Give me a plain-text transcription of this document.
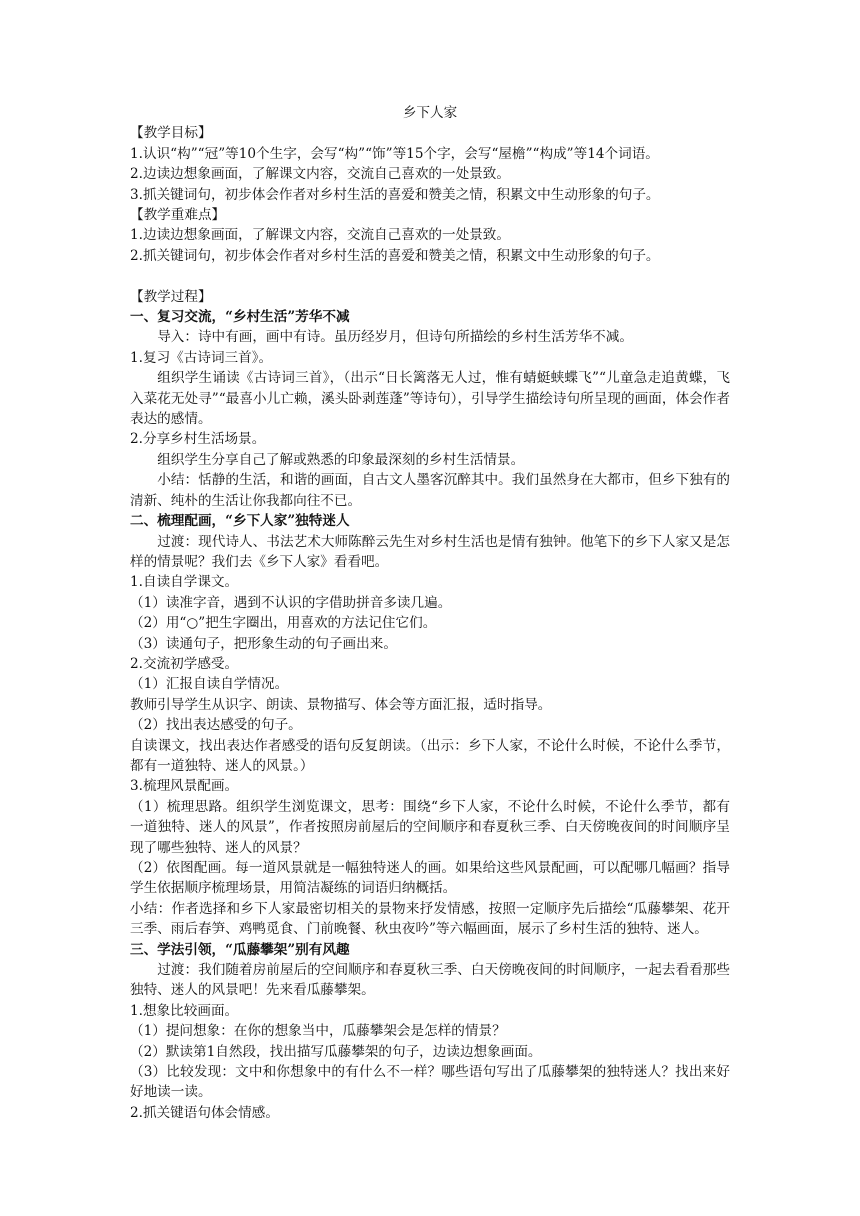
乡下人家

【教学目标】

1.认识“构”“冠”等10个生字，会写“构”“饰”等15个字，会写“屋檐”“构成”等14个词语。

2.边读边想象画面，了解课文内容，交流自己喜欢的一处景致。

3.抓关键词句，初步体会作者对乡村生活的喜爱和赞美之情，积累文中生动形象的句子。

【教学重难点】

1.边读边想象画面，了解课文内容，交流自己喜欢的一处景致。

2.抓关键词句，初步体会作者对乡村生活的喜爱和赞美之情，积累文中生动形象的句子。

【教学过程】

一、复习交流，“乡村生活”芳华不减

导入：诗中有画，画中有诗。虽历经岁月，但诗句所描绘的乡村生活芳华不减。

1.复习《古诗词三首》。

组织学生诵读《古诗词三首》，（出示“日长篱落无人过，惟有蜻蜓蛱蝶飞”“儿童急走追黄蝶，飞入菜花无处寻”“最喜小儿亡赖，溪头卧剥莲蓬”等诗句），引导学生描绘诗句所呈现的画面，体会作者表达的感情。

2.分享乡村生活场景。

组织学生分享自己了解或熟悉的印象最深刻的乡村生活情景。

小结：恬静的生活，和谐的画面，自古文人墨客沉醉其中。我们虽然身在大都市，但乡下独有的清新、纯朴的生活让你我都向往不已。

二、梳理配画，“乡下人家”独特迷人

过渡：现代诗人、书法艺术大师陈醉云先生对乡村生活也是情有独钟。他笔下的乡下人家又是怎样的情景呢？我们去《乡下人家》看看吧。

1.自读自学课文。

（1）读准字音，遇到不认识的字借助拼音多读几遍。

（2）用“○”把生字圈出，用喜欢的方法记住它们。

（3）读通句子，把形象生动的句子画出来。

2.交流初学感受。

（1）汇报自读自学情况。

教师引导学生从识字、朗读、景物描写、体会等方面汇报，适时指导。

（2）找出表达感受的句子。

自读课文，找出表达作者感受的语句反复朗读。（出示：乡下人家，不论什么时候，不论什么季节，都有一道独特、迷人的风景。）

3.梳理风景配画。

（1）梳理思路。组织学生浏览课文，思考：围绕“乡下人家，不论什么时候，不论什么季节，都有一道独特、迷人的风景”，作者按照房前屋后的空间顺序和春夏秋三季、白天傍晚夜间的时间顺序呈现了哪些独特、迷人的风景？

（2）依图配画。每一道风景就是一幅独特迷人的画。如果给这些风景配画，可以配哪几幅画？指导学生依据顺序梳理场景，用简洁凝练的词语归纳概括。

小结：作者选择和乡下人家最密切相关的景物来抒发情感，按照一定顺序先后描绘“瓜藤攀架、花开三季、雨后春笋、鸡鸭觅食、门前晚餐、秋虫夜吟”等六幅画面，展示了乡村生活的独特、迷人。

三、学法引领，“瓜藤攀架”别有风趣

过渡：我们随着房前屋后的空间顺序和春夏秋三季、白天傍晚夜间的时间顺序，一起去看看那些独特、迷人的风景吧！先来看瓜藤攀架。

1.想象比较画面。

（1）提问想象：在你的想象当中，瓜藤攀架会是怎样的情景？

（2）默读第1自然段，找出描写瓜藤攀架的句子，边读边想象画面。

（3）比较发现：文中和你想象中的有什么不一样？哪些语句写出了瓜藤攀架的独特迷人？找出来好好地读一读。

2.抓关键语句体会情感。
